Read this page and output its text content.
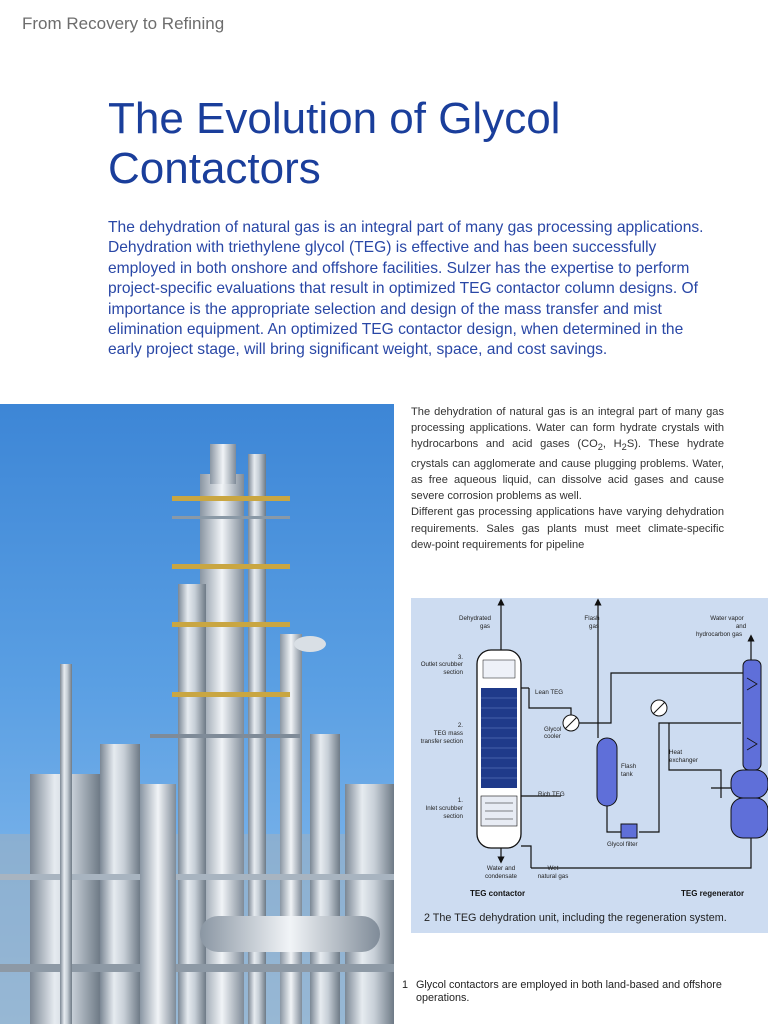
From Recovery to Refining
The Evolution of Glycol
Contactors

The dehydration of natural gas is an integral part of many gas processing applications. Dehydration with triethylene glycol (TEG) is effective and has been successfully employed in both onshore and offshore facilities. Sulzer has the expertise to perform project-specific evaluations that result in optimized TEG contactor column designs. Of importance is the appropriate selection and design of the mass transfer and mist elimination equipment. An optimized TEG contactor design, when determined in the early project stage, will bring significant weight, space, and cost savings.

The dehydration of natural gas is an integral part of many gas processing applications. Water can form hydrate crystals with hydrocarbons and acid gases ($CO_2$, $H_2S$). These hydrate crystals can agglomerate and cause plugging problems. Water, as free aqueous liquid, can dissolve acid gases and cause severe corrosion problems as well.

Different gas processing applications have varying dehydration requirements. Sales gas plants must meet climate-specific dew-point requirements for pipeline

Dehydrated
gas
Flash
gas
Water vapor
and
hydrocarbon gas
3.
Outlet scrubber
section
Lean TEG
2.
TEG mass
transfer section
Glycol
cooler
Heat
exchanger
Flash
tank
Rich TEG
1.
Inlet scrubber
section
Glycol filter
Water and
condensate
Wet
natural gas
TEG contactor	TEG regenerator
2 The TEG dehydration unit, including the regeneration system.
1 Glycol contactors are employed in both land-based and offshore operations.
